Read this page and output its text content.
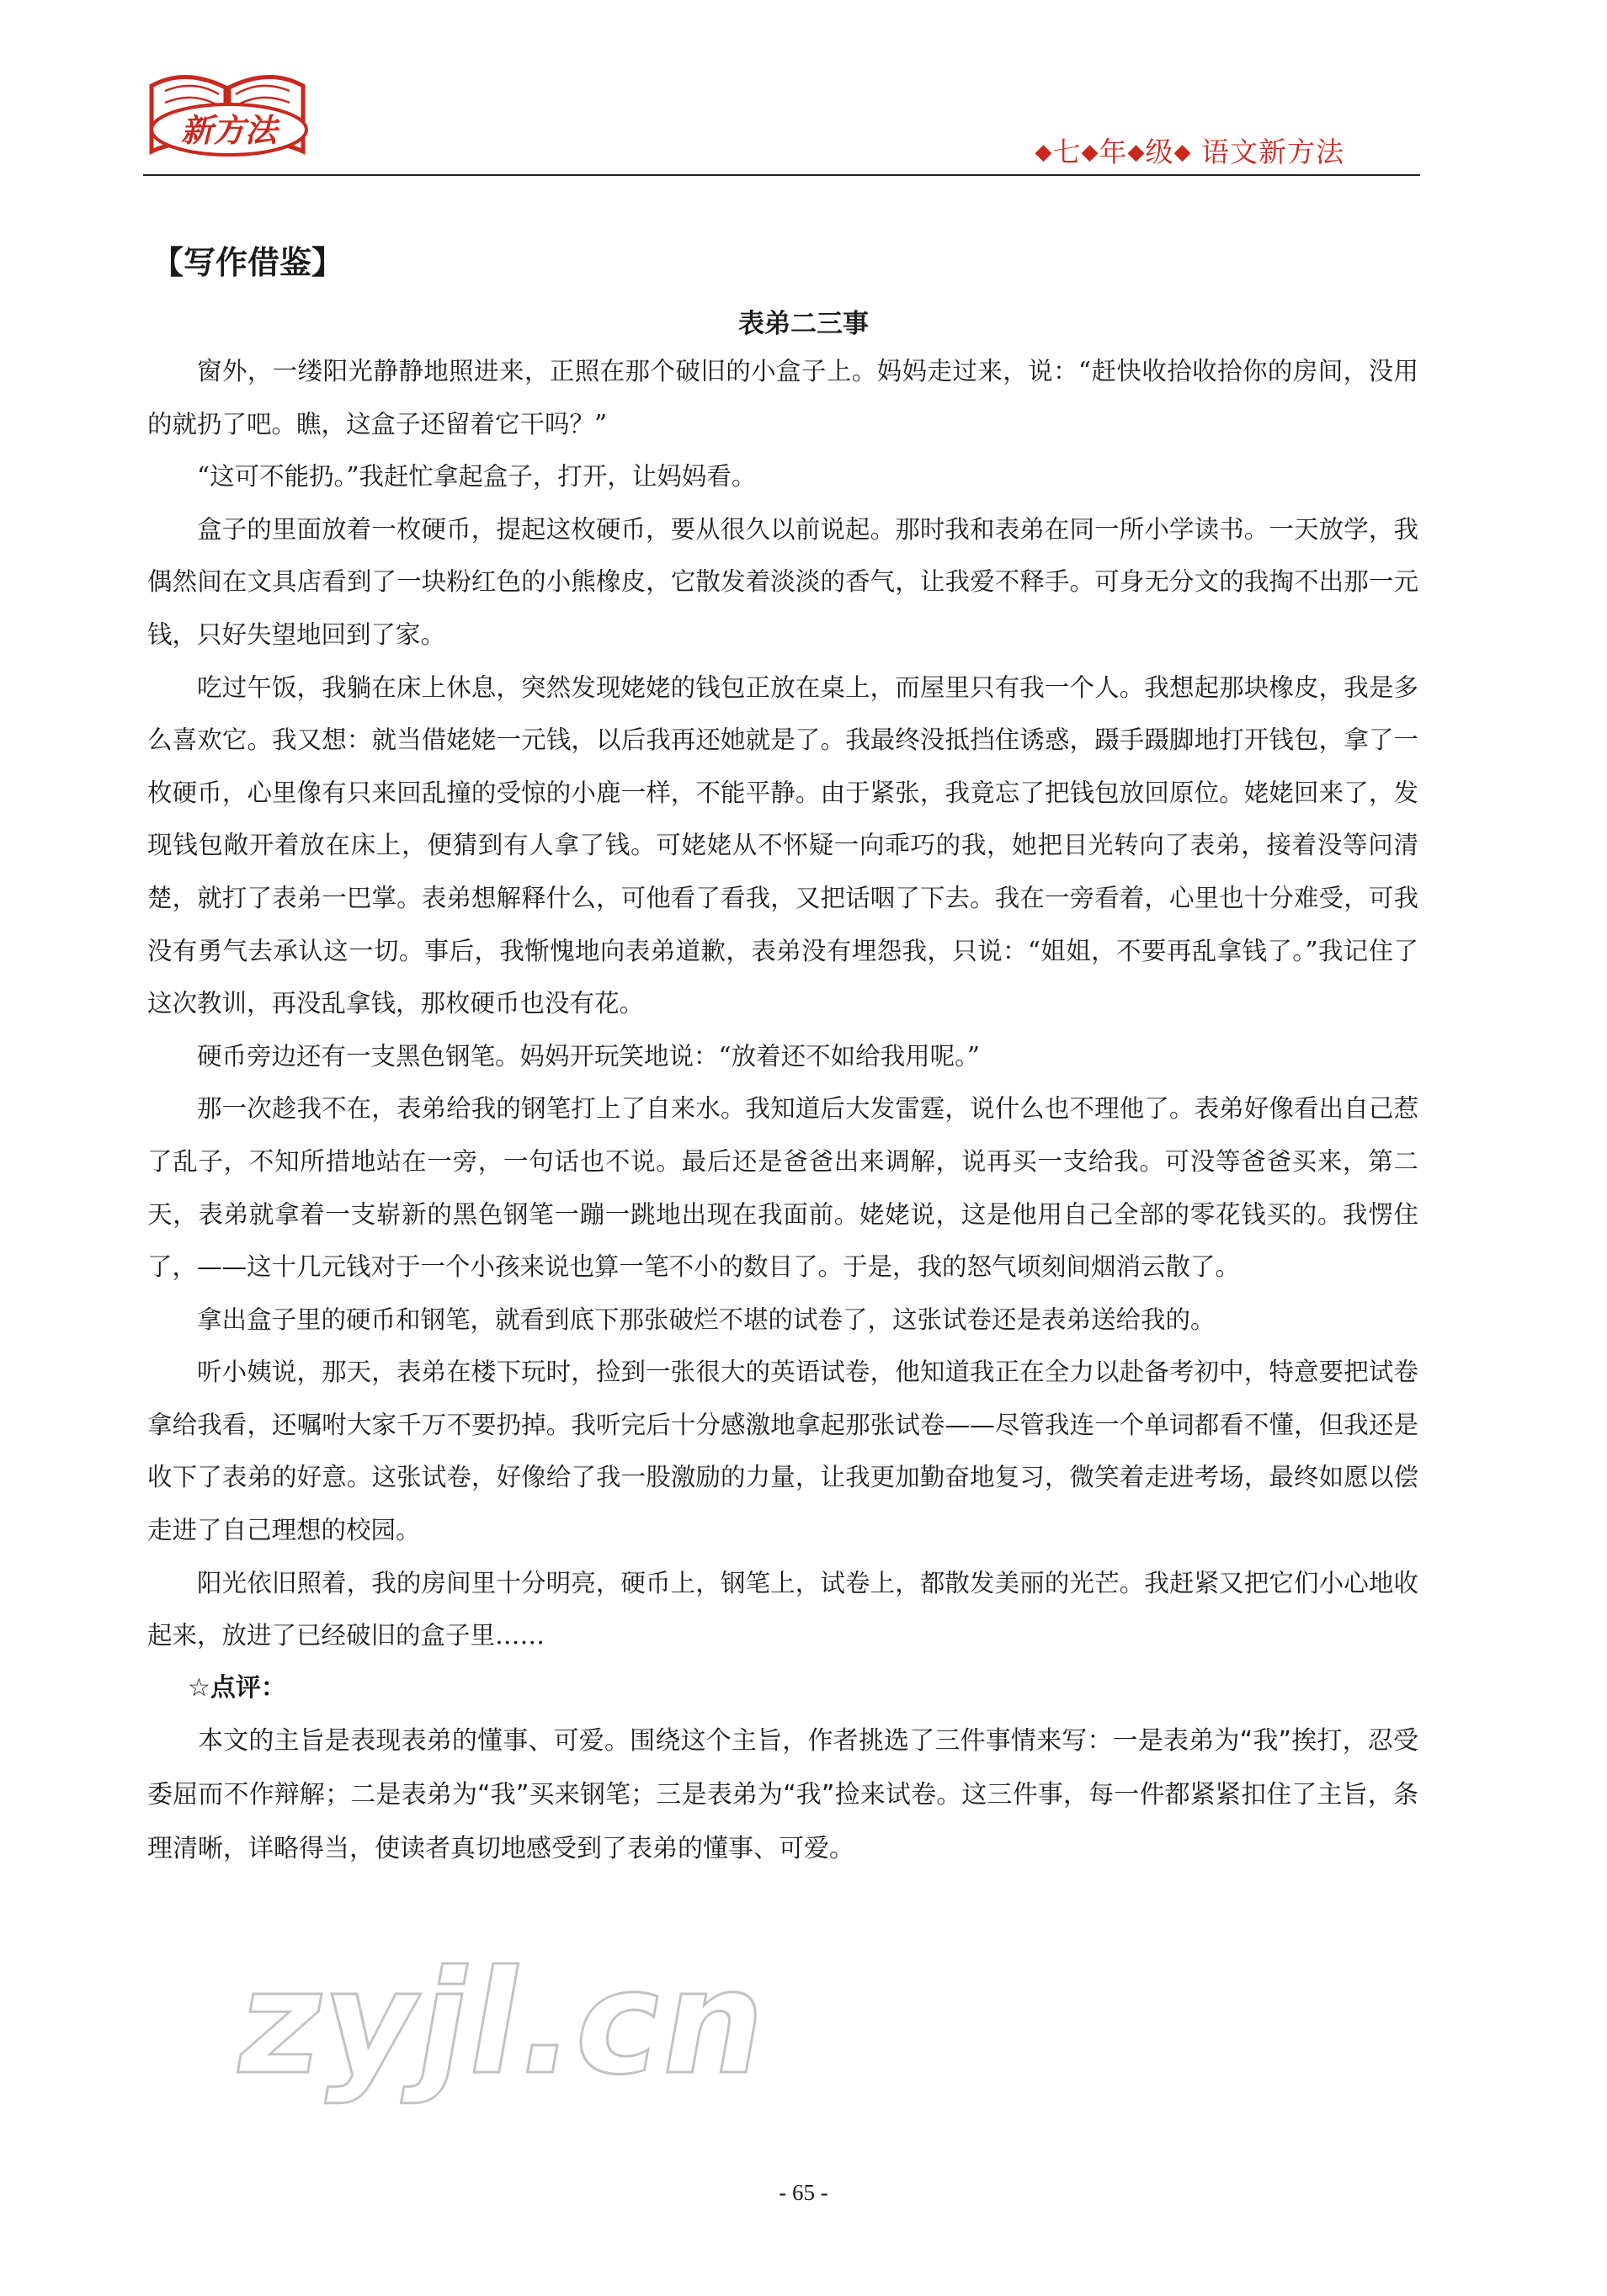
新方法
◆七◆年◆级◆ 语文新方法
【写作借鉴】
表弟二三事

窗外，一缕阳光静静地照进来，正照在那个破旧的小盒子上。妈妈走过来，说：“赶快收拾收拾你的房间，没用的就扔了吧。瞧，这盒子还留着它干吗？”

“这可不能扔。”我赶忙拿起盒子，打开，让妈妈看。

盒子的里面放着一枚硬币，提起这枚硬币，要从很久以前说起。那时我和表弟在同一所小学读书。一天放学，我偶然间在文具店看到了一块粉红色的小熊橡皮，它散发着淡淡的香气，让我爱不释手。可身无分文的我掏不出那一元钱，只好失望地回到了家。

吃过午饭，我躺在床上休息，突然发现姥姥的钱包正放在桌上，而屋里只有我一个人。我想起那块橡皮，我是多么喜欢它。我又想：就当借姥姥一元钱，以后我再还她就是了。我最终没抵挡住诱惑，蹑手蹑脚地打开钱包，拿了一枚硬币，心里像有只来回乱撞的受惊的小鹿一样，不能平静。由于紧张，我竟忘了把钱包放回原位。姥姥回来了，发现钱包敞开着放在床上，便猜到有人拿了钱。可姥姥从不怀疑一向乖巧的我，她把目光转向了表弟，接着没等问清楚，就打了表弟一巴掌。表弟想解释什么，可他看了看我，又把话咽了下去。我在一旁看着，心里也十分难受，可我没有勇气去承认这一切。事后，我惭愧地向表弟道歉，表弟没有埋怨我，只说：“姐姐，不要再乱拿钱了。”我记住了这次教训，再没乱拿钱，那枚硬币也没有花。

硬币旁边还有一支黑色钢笔。妈妈开玩笑地说：“放着还不如给我用呢。”

那一次趁我不在，表弟给我的钢笔打上了自来水。我知道后大发雷霆，说什么也不理他了。表弟好像看出自己惹了乱子，不知所措地站在一旁，一句话也不说。最后还是爸爸出来调解，说再买一支给我。可没等爸爸买来，第二天，表弟就拿着一支崭新的黑色钢笔一蹦一跳地出现在我面前。姥姥说，这是他用自己全部的零花钱买的。我愣住了，——这十几元钱对于一个小孩来说也算一笔不小的数目了。于是，我的怒气顷刻间烟消云散了。

拿出盒子里的硬币和钢笔，就看到底下那张破烂不堪的试卷了，这张试卷还是表弟送给我的。

听小姨说，那天，表弟在楼下玩时，捡到一张很大的英语试卷，他知道我正在全力以赴备考初中，特意要把试卷拿给我看，还嘱咐大家千万不要扔掉。我听完后十分感激地拿起那张试卷——尽管我连一个单词都看不懂，但我还是收下了表弟的好意。这张试卷，好像给了我一股激励的力量，让我更加勤奋地复习，微笑着走进考场，最终如愿以偿走进了自己理想的校园。

阳光依旧照着，我的房间里十分明亮，硬币上，钢笔上，试卷上，都散发美丽的光芒。我赶紧又把它们小心地收起来，放进了已经破旧的盒子里……

☆点评：

本文的主旨是表现表弟的懂事、可爱。围绕这个主旨，作者挑选了三件事情来写：一是表弟为“我”挨打，忍受委屈而不作辩解；二是表弟为“我”买来钢笔；三是表弟为“我”捡来试卷。这三件事，每一件都紧紧扣住了主旨，条理清晰，详略得当，使读者真切地感受到了表弟的懂事、可爱。

zyjl.cn
- 65 -
